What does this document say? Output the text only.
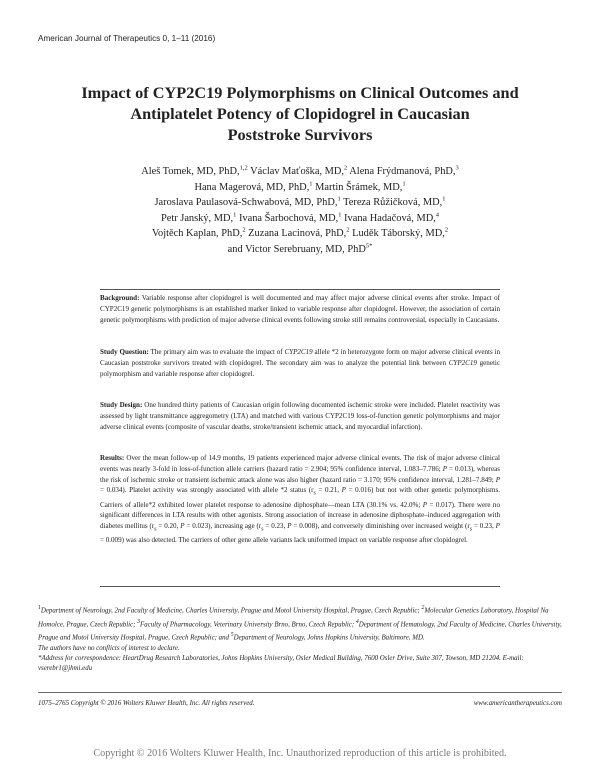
American Journal of Therapeutics 0, 1–11 (2016)
Impact of CYP2C19 Polymorphisms on Clinical Outcomes and
Antiplatelet Potency of Clopidogrel in Caucasian
Poststroke Survivors
Aleš Tomek, MD, PhD,$^{1,2}$ Václav Maťoška, MD,$^2$ Alena Frýdmanová, PhD,$^3$
Hana Magerová, MD, PhD,$^1$ Martin Šrámek, MD,$^1$
Jaroslava Paulasová-Schwabová, MD, PhD,$^1$ Tereza Růžičková, MD,$^1$
Petr Janský, MD,$^1$ Ivana Šarbochová, MD,$^1$ Ivana Hadačová, MD,$^4$
Vojtěch Kaplan, PhD,$^2$ Zuzana Lacinová, PhD,$^2$ Luděk Táborský, MD,$^2$
and Victor Serebruany, MD, PhD$^{5*}$
Background: Variable response after clopidogrel is well documented and may affect major adverse clinical events after stroke. Impact of CYP2C19 genetic polymorphisms is an established marker linked to variable response after clopidogrel. However, the association of certain genetic polymorphisms with prediction of major adverse clinical events following stroke still remains controversial, especially in Caucasians.
Study Question: The primary aim was to evaluate the impact of CYP2C19 allele *2 in heterozygote form on major adverse clinical events in Caucasian poststroke survivors treated with clopidogrel. The secondary aim was to analyze the potential link between CYP2C19 genetic polymorphism and variable response after clopidogrel.
Study Design: One hundred thirty patients of Caucasian origin following documented ischemic stroke were included. Platelet reactivity was assessed by light transmittance aggregometry (LTA) and matched with various CYP2C19 loss-of-function genetic polymorphisms and major adverse clinical events (composite of vascular deaths, stroke/transient ischemic attack, and myocardial infarction).
Results: Over the mean follow-up of 14.9 months, 19 patients experienced major adverse clinical events. The risk of major adverse clinical events was nearly 3-fold in loss-of-function allele carriers (hazard ratio = 2.904; 95% confidence interval, 1.083–7.786; P = 0.013), whereas the risk of ischemic stroke or transient ischemic attack alone was also higher (hazard ratio = 3.170; 95% confidence interval, 1.281–7.849; P = 0.034). Platelet activity was strongly associated with allele *2 status ($r_s = 0.21$, P = 0.016) but not with other genetic polymorphisms. Carriers of allele*2 exhibited lower platelet response to adenosine diphosphate—mean LTA (30.1% vs. 42.0%; P = 0.017). There were no significant differences in LTA results with other agonists. Strong association of increase in adenosine diphosphate–induced aggregation with diabetes mellitus ($r_s = 0.20$, P = 0.023), increasing age ($r_s = 0.23$, P = 0.008), and conversely diminishing over increased weight ($r_s = 0.23$, P = 0.009) was also detected. The carriers of other gene allele variants lack uniformed impact on variable response after clopidogrel.
$^1$Department of Neurology, 2nd Faculty of Medicine, Charles University, Prague and Motol University Hospital, Prague, Czech Republic; $^2$Molecular Genetics Laboratory, Hospital Na Homolce, Prague, Czech Republic; $^3$Faculty of Pharmacology, Veterinary University Brno, Brno, Czech Republic; $^4$Department of Hematology, 2nd Faculty of Medicine, Charles University, Prague and Motol University Hospital, Prague, Czech Republic; and $^5$Department of Neurology, Johns Hopkins University, Baltimore, MD.
The authors have no conflicts of interest to declare.
*Address for correspondence: HeartDrug Research Laboratories, Johns Hopkins University, Osler Medical Building, 7600 Osler Drive, Suite 307, Towson, MD 21204. E-mail: vserebr1@jhmi.edu
1075–2765 Copyright © 2016 Wolters Kluwer Health, Inc. All rights reserved.	www.americantherapeutics.com
Copyright © 2016 Wolters Kluwer Health, Inc. Unauthorized reproduction of this article is prohibited.
